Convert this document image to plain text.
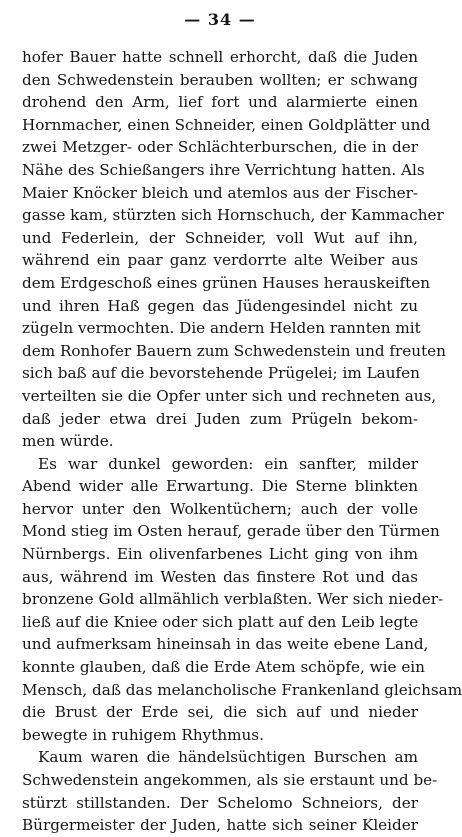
— 34 —
hofer Bauer hatte schnell erhorcht, daß die Juden
den Schwedenstein berauben wollten; er schwang
drohend den Arm, lief fort und alarmierte einen
Hornmacher, einen Schneider, einen Goldplätter und
zwei Metzger- oder Schlächterburschen, die in der
Nähe des Schießangers ihre Verrichtung hatten. Als
Maier Knöcker bleich und atemlos aus der Fischer-
gasse kam, stürzten sich Hornschuch, der Kammacher
und Federlein, der Schneider, voll Wut auf ihn,
während ein paar ganz verdorrte alte Weiber aus
dem Erdgeschoß eines grünen Hauses herauskeiften
und ihren Haß gegen das Jüdengesindel nicht zu
zügeln vermochten. Die andern Helden rannten mit
dem Ronhofer Bauern zum Schwedenstein und freuten
sich baß auf die bevorstehende Prügelei; im Laufen
verteilten sie die Opfer unter sich und rechneten aus,
daß jeder etwa drei Juden zum Prügeln bekom-
men würde.
Es war dunkel geworden: ein sanfter, milder
Abend wider alle Erwartung. Die Sterne blinkten
hervor unter den Wolkentüchern; auch der volle
Mond stieg im Osten herauf, gerade über den Türmen
Nürnbergs. Ein olivenfarbenes Licht ging von ihm
aus, während im Westen das finstere Rot und das
bronzene Gold allmählich verblaßten. Wer sich nieder-
ließ auf die Kniee oder sich platt auf den Leib legte
und aufmerksam hineinsah in das weite ebene Land,
konnte glauben, daß die Erde Atem schöpfe, wie ein
Mensch, daß das melancholische Frankenland gleichsam
die Brust der Erde sei, die sich auf und nieder
bewegte in ruhigem Rhythmus.
Kaum waren die händelsüchtigen Burschen am
Schwedenstein angekommen, als sie erstaunt und be-
stürzt stillstanden. Der Schelomo Schneiors, der
Bürgermeister der Juden, hatte sich seiner Kleider
